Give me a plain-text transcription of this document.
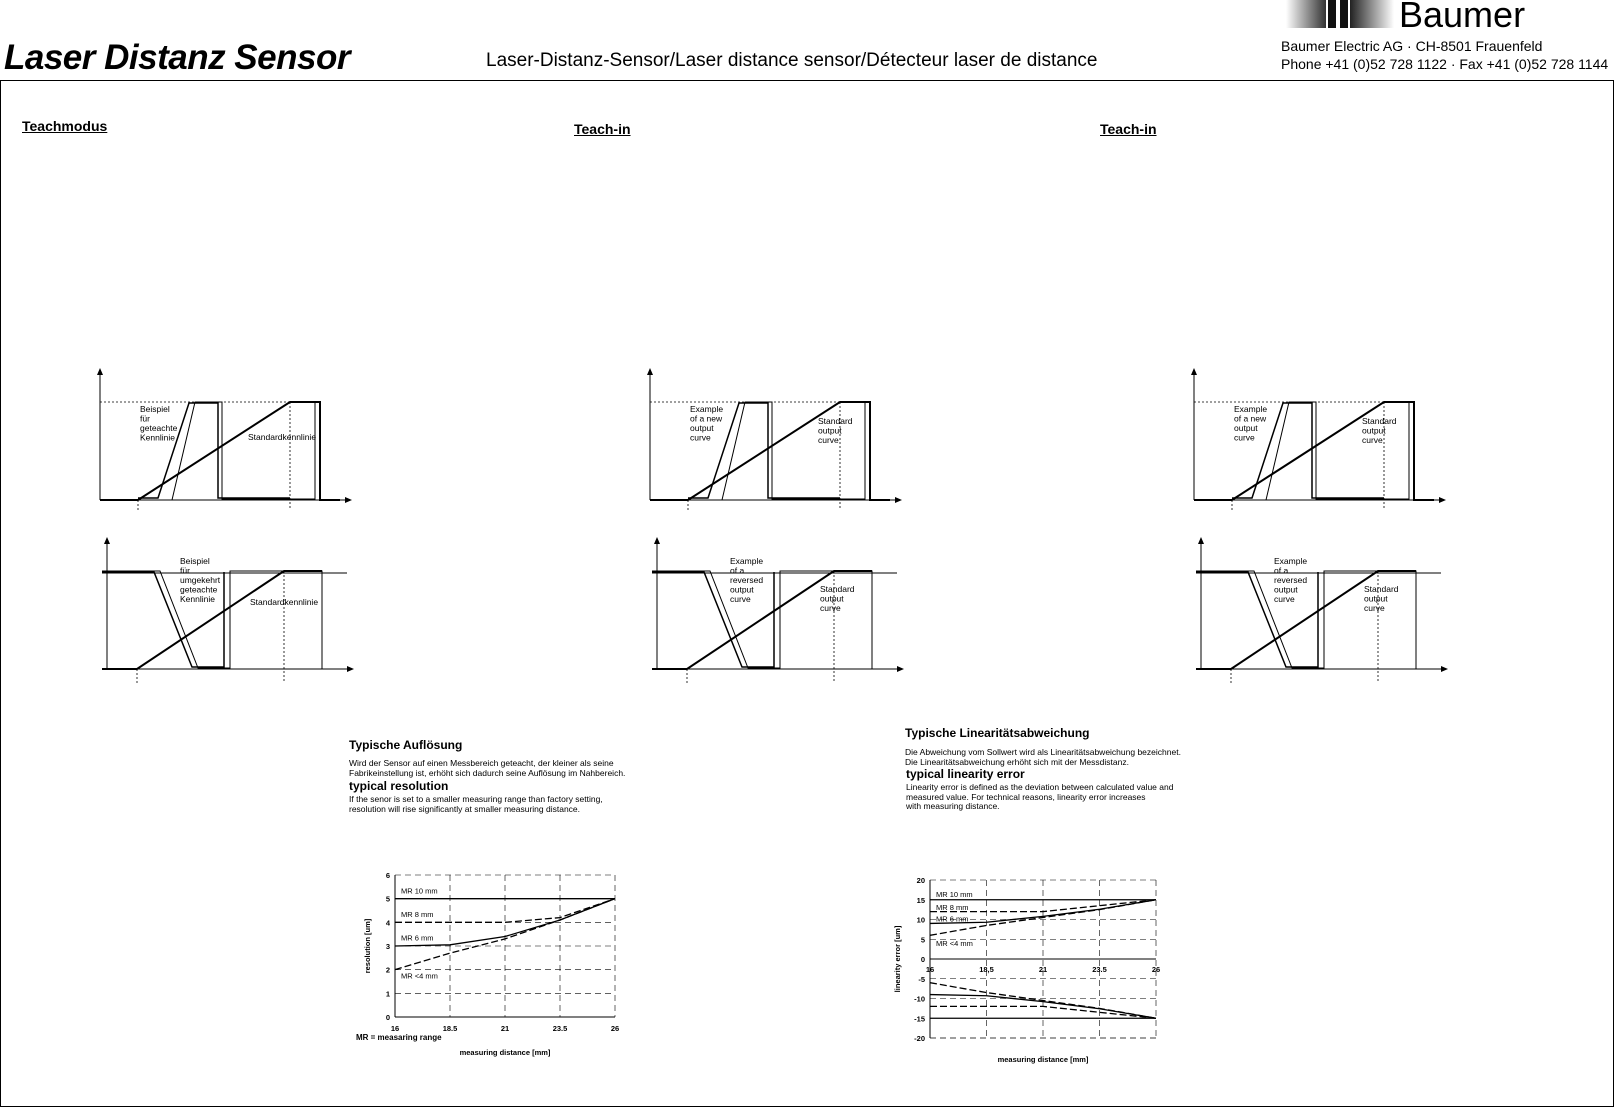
Laser Distanz Sensor	Laser-Distanz-Sensor/Laser distance sensor/Détecteur laser de distance
Baumer
Baumer Electric AG · CH-8501 Frauenfeld
Phone +41 (0)52 728 1122 · Fax +41 (0)52 728 1144
Teachmodus	Teach-in	Teach-in
Beispiel
für
geteachte
Kennlinie	Standardkennlinie
Beispiel
für
umgekehrt
geteachte
Kennlinie	Standardkennlinie
Example
of a new
output
curve
Standard
output
curve
Example
of a
reversed
output
curve
Standard
output
curve
Example
of a new
output
curve
Standard
output
curve
Example
of a
reversed
output
curve
Standard
output
curve
Typische Auflösung
Wird der Sensor auf einen Messbereich geteacht, der kleiner als seine
Fabrikeinstellung ist, erhöht sich dadurch seine Auflösung im Nahbereich.
typical resolution
If the senor is set to a smaller measuring range than factory setting,
resolution will rise significantly at smaller measuring distance.
Typische Linearitätsabweichung
Die Abweichung vom Sollwert wird als Linearitätsabweichung bezeichnet.
Die Linearitätsabweichung erhöht sich mit der Messdistanz.
typical linearity error
Linearity error is defined as the deviation between calculated value and
measured value. For technical reasons, linearity error increases
with measuring distance.
0
1
2
3
4
5
6
16	18.5	21	23.5	26
MR 10 mm
MR 8 mm
MR 6 mm
MR <4 mm
resolution [um]
measuring distance [mm]
MR = measaring range
20
15
10
5
0
-5
-10
-15
-20
16	18,5	21	23.5	26
MR 10 mm
MR 8 mm
MR 6 mm
MR <4 mm
linearity error [um]
measuring distance [mm]
